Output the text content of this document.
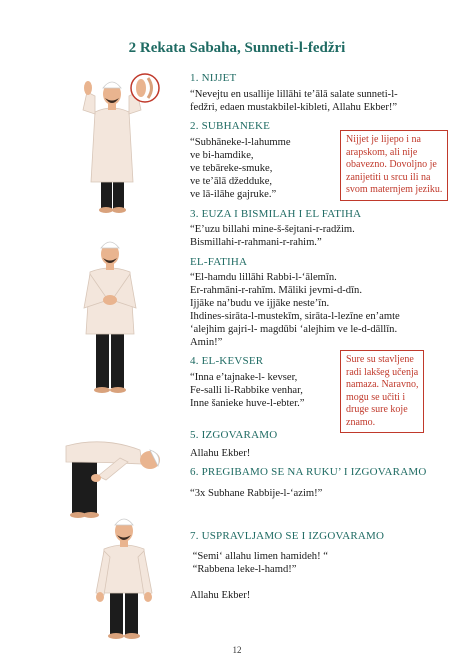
2 Rekata Sabaha, Sunneti-l-fedžri
1. NIJJET
“Nevejtu en usallije lillāhi te’ālā salate sunneti-l-
fedžri, edaen mustakbilel-kibleti, Allahu Ekber!”
2. SUBHANEKE
“Subhāneke-l-lahumme
ve bi-hamdike,
ve tebāreke-smuke,
ve te’ālā džedduke,
ve lā-ilāhe gajruke.”
3. EUZA I BISMILAH I EL FATIHA
“E’uzu billahi mine-š-šejtani-r-radžim.
Bismillahi-r-rahmani-r-rahim.”
EL-FATIHA
“El-hamdu lillāhi Rabbi-l-‘ālemīn.
Er-rahmāni-r-rahīm. Māliki jevmi-d-dīn.
Ijjāke na’budu ve ijjāke neste’īn.
Ihdines-sirāta-l-mustekīm, sirāta-l-lezīne en’amte
‘alejhim gajri-l- magdūbi ‘alejhim ve le-d-dāllīn.
Amin!”
4. EL-KEVSER
“Inna e’tajnake-l- kevser,
Fe-salli li-Rabbike venhar,
Inne šanieke huve-l-ebter.”
5. IZGOVARAMO
Allahu Ekber!
6. PREGIBAMO SE NA RUKU’ I IZGOVARAMO
“3x Subhane Rabbije-l-‘azim!”
7. USPRAVLJAMO SE I IZGOVARAMO
“Semi‘ allahu limen hamideh! “
“Rabbena leke-l-hamd!”

Allahu Ekber!
Nijjet je lijepo i na
arapskom, ali nije
obavezno. Dovoljno je
zanijetiti u srcu ili na
svom maternjem jeziku.
Sure su stavljene
radi lakšeg učenja
namaza. Naravno,
mogu se učiti i
druge sure koje
znamo.
12
